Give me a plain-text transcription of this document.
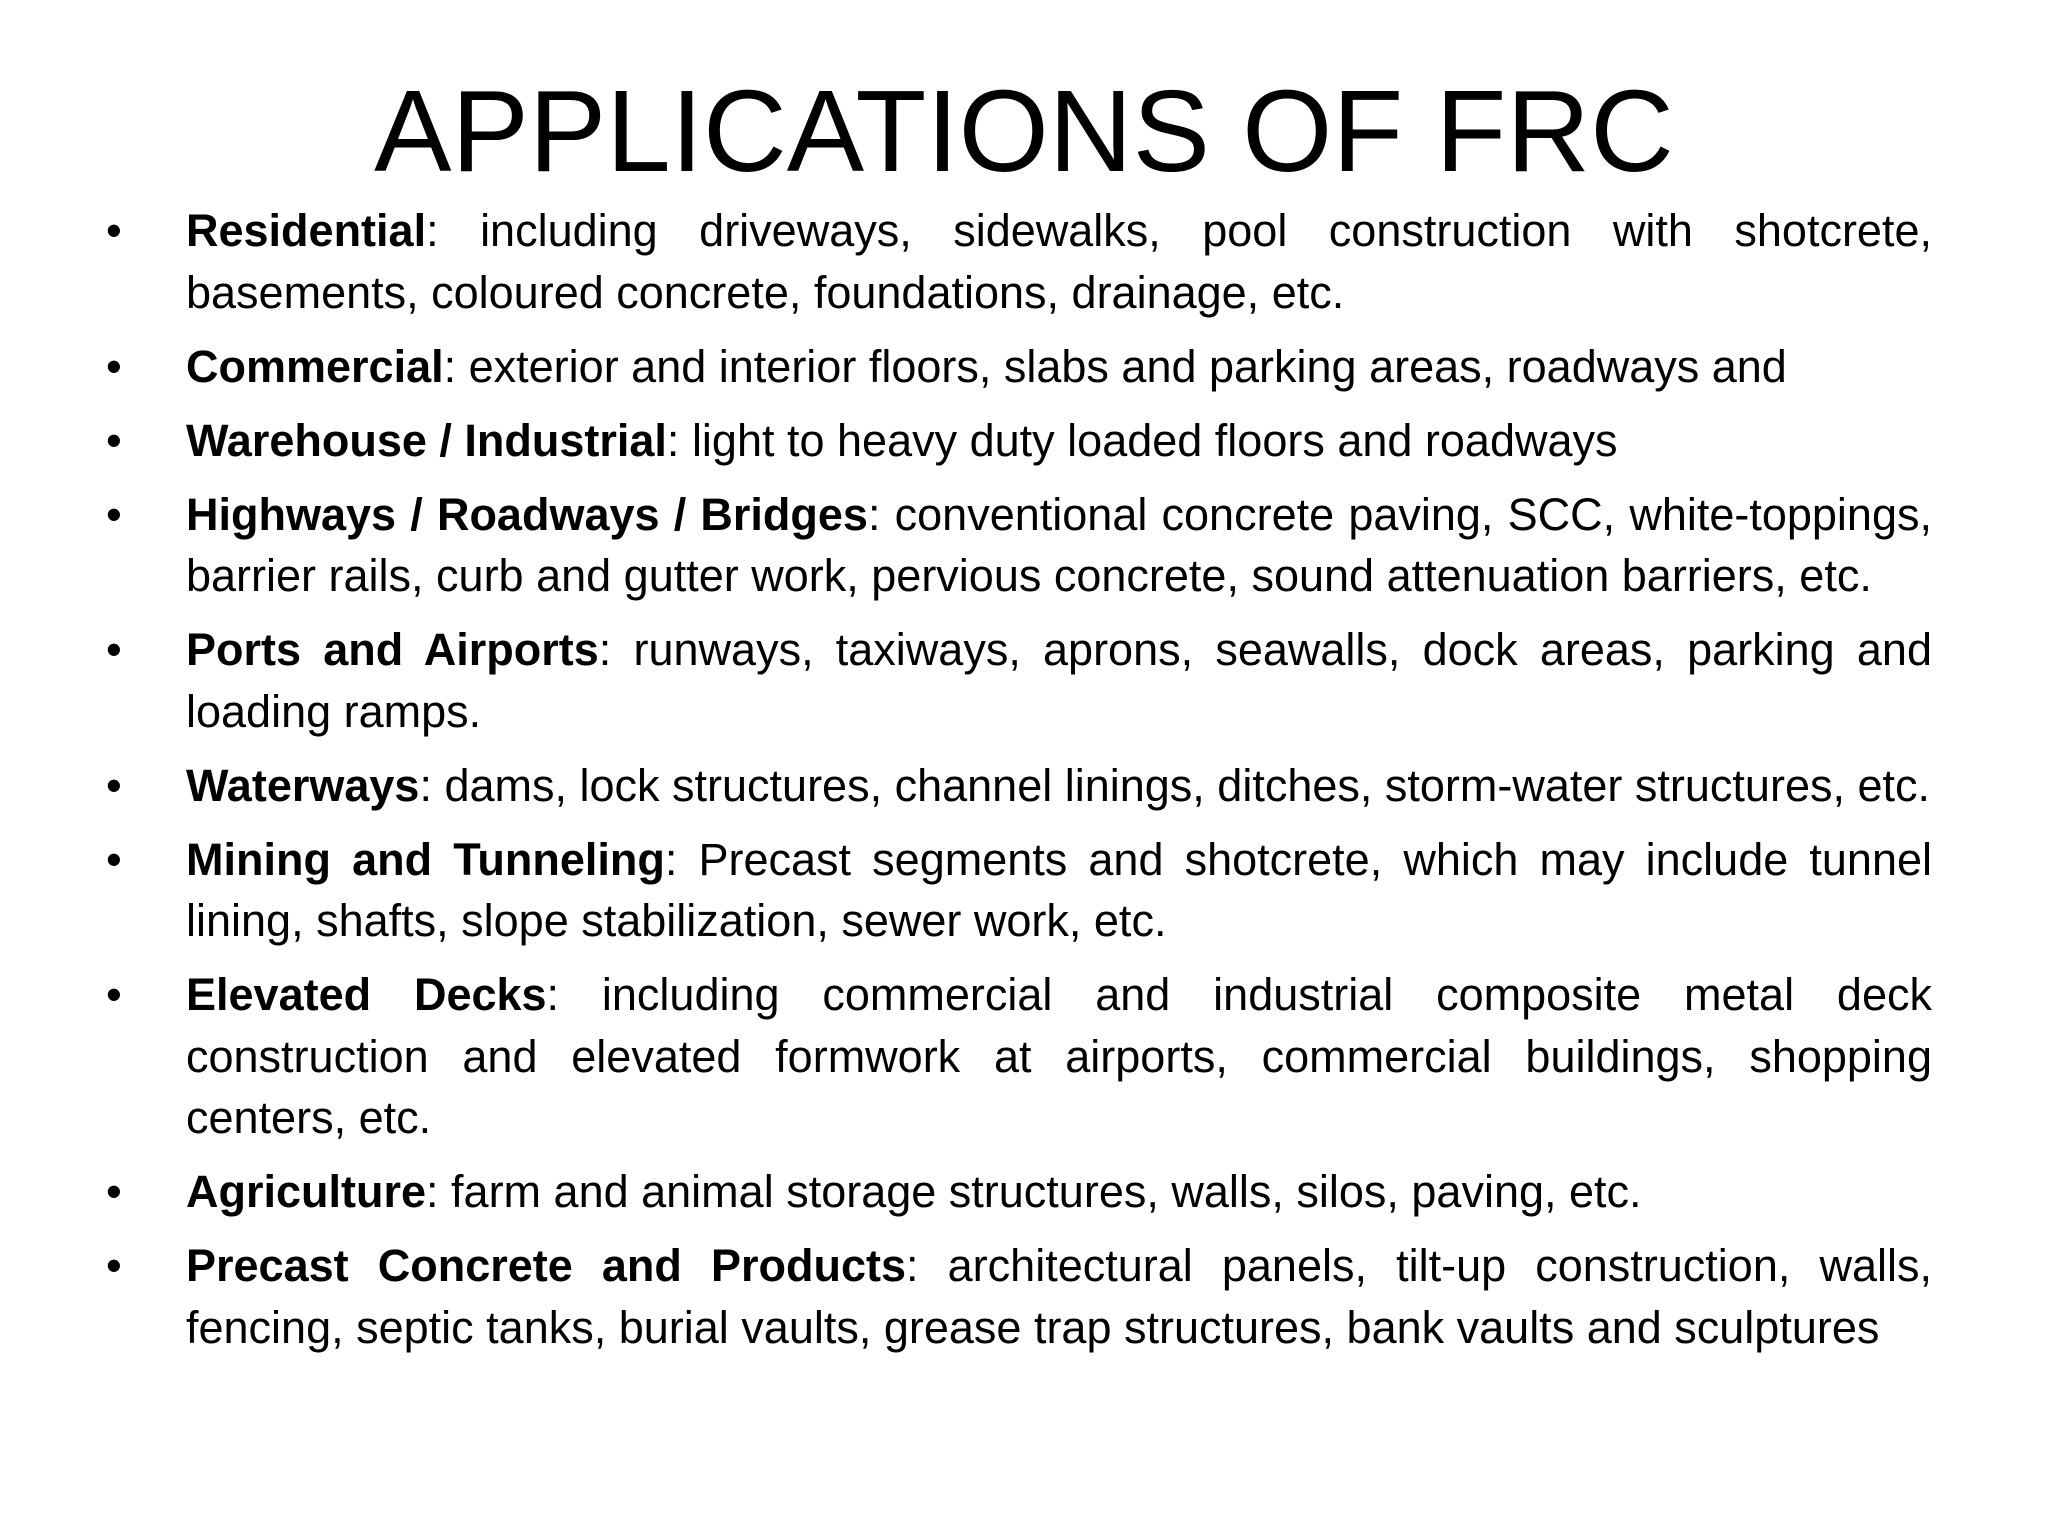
APPLICATIONS OF FRC
• Residential: including driveways, sidewalks, pool construction with shotcrete, basements, coloured concrete, foundations, drainage, etc.
• Commercial: exterior and interior floors, slabs and parking areas, roadways and
• Warehouse / Industrial: light to heavy duty loaded floors and roadways
• Highways / Roadways / Bridges: conventional concrete paving, SCC, white-toppings, barrier rails, curb and gutter work, pervious concrete, sound attenuation barriers, etc.
• Ports and Airports: runways, taxiways, aprons, seawalls, dock areas, parking and loading ramps.
• Waterways: dams, lock structures, channel linings, ditches, storm-water structures, etc.
• Mining and Tunneling: Precast segments and shotcrete, which may include tunnel lining, shafts, slope stabilization, sewer work, etc.
• Elevated Decks: including commercial and industrial composite metal deck construction and elevated formwork at airports, commercial buildings, shopping centers, etc.
• Agriculture: farm and animal storage structures, walls, silos, paving, etc.
• Precast Concrete and Products: architectural panels, tilt-up construction, walls, fencing, septic tanks, burial vaults, grease trap structures, bank vaults and sculptures
